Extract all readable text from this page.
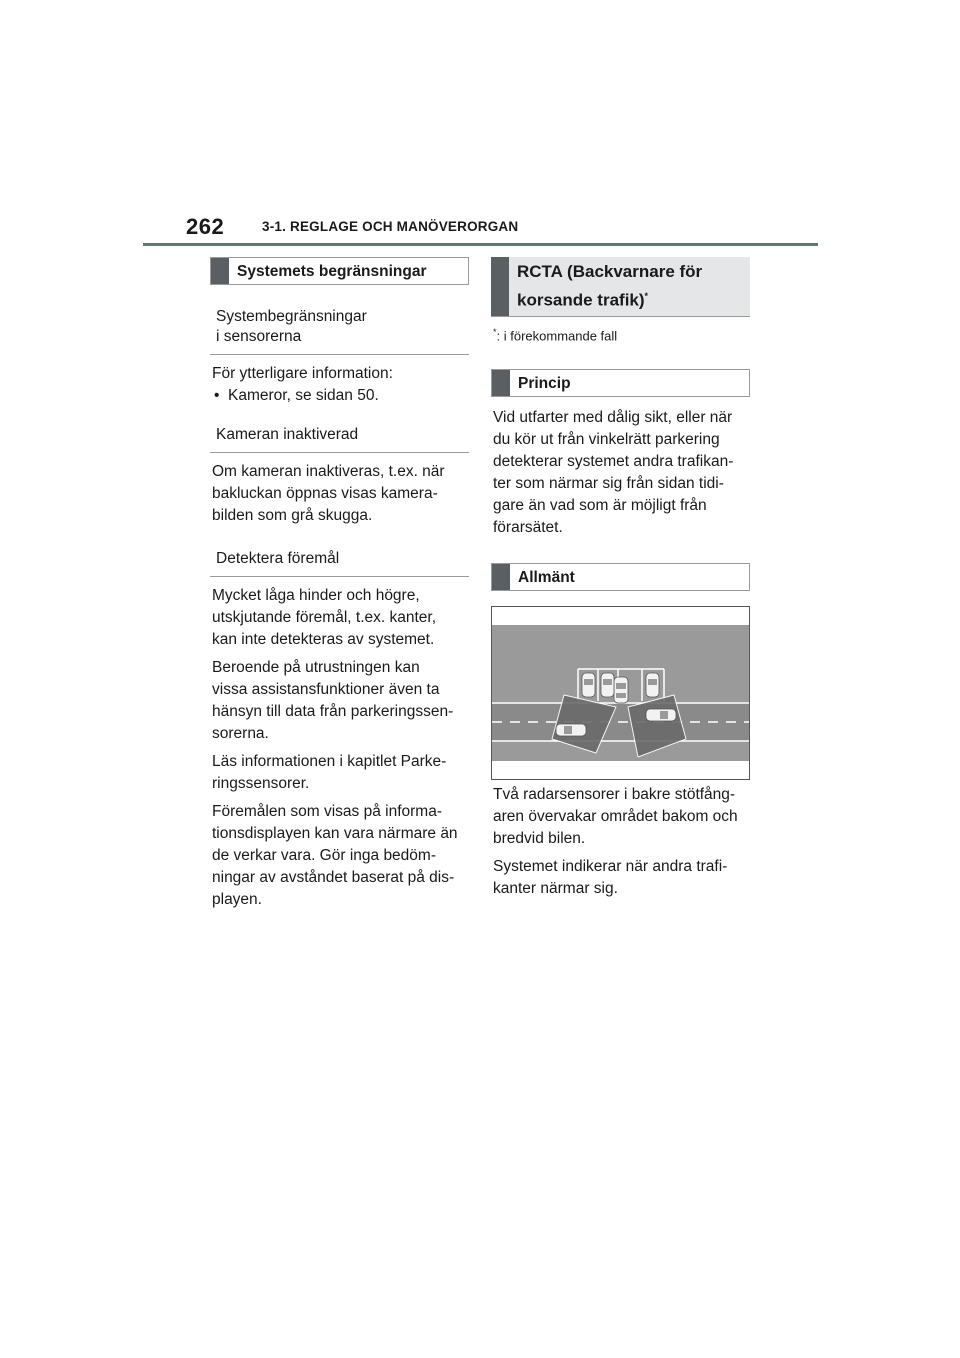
262	3-1. REGLAGE OCH MANÖVERORGAN
Systemets begränsningar
Systembegränsningar
i sensorerna

För ytterligare information:

• Kameror, se sidan 50.
Kameran inaktiverad

Om kameran inaktiveras, t.ex. när
bakluckan öppnas visas kamera-
bilden som grå skugga.

Detektera föremål

Mycket låga hinder och högre,
utskjutande föremål, t.ex. kanter,
kan inte detekteras av systemet.

Beroende på utrustningen kan
vissa assistansfunktioner även ta
hänsyn till data från parkeringssen-
sorerna.

Läs informationen i kapitlet Parke-
ringssensorer.

Föremålen som visas på informa-
tionsdisplayen kan vara närmare än
de verkar vara. Gör inga bedöm-
ningar av avståndet baserat på dis-
playen.

RCTA (Backvarnare för
korsande trafik)*
*: i förekommande fall
Princip

Vid utfarter med dålig sikt, eller när
du kör ut från vinkelrätt parkering
detekterar systemet andra trafikan-
ter som närmar sig från sidan tidi-
gare än vad som är möjligt från
förarsätet.

Allmänt

Två radarsensorer i bakre stötfång-
aren övervakar området bakom och
bredvid bilen.

Systemet indikerar när andra trafi-
kanter närmar sig.
